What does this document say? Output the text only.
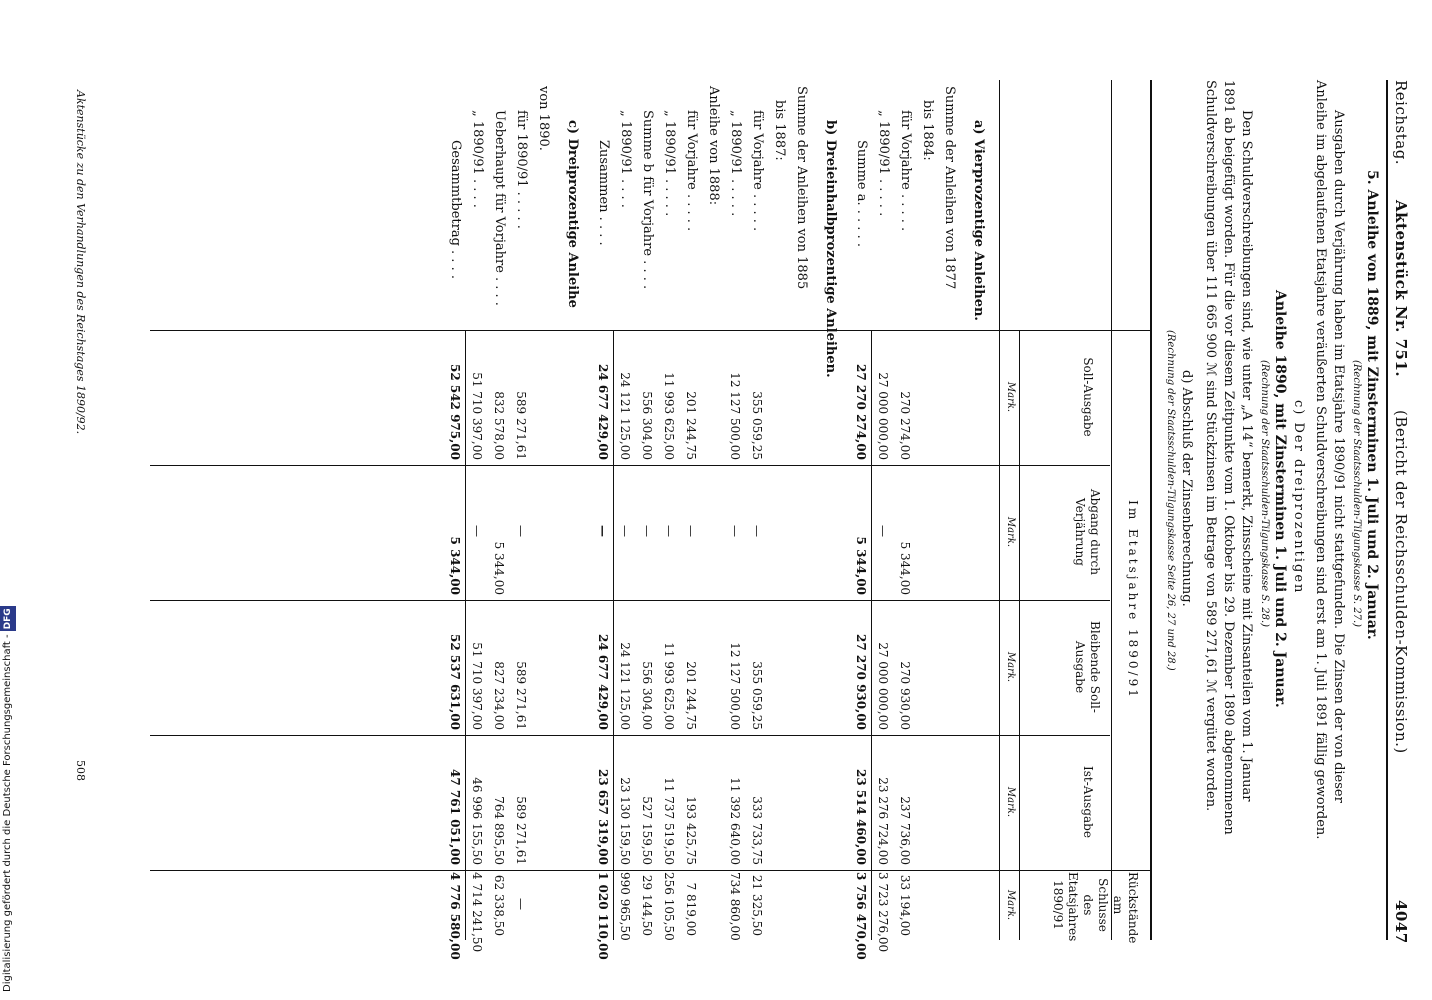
Digitalisierung gefördert durch die Deutsche Forschungsgemeinschaft -DFG
Reichstag.
Aktenstück Nr. 751.
(Bericht der Reichsschulden-Kommission.)
4047
5. Anleihe von 1889, mit Zinsterminen 1. Juli und 2. Januar.
(Rechnung der Staatsschulden-Tilgungskasse S. 27.)
Ausgaben durch Verjährung haben im Etatsjahre 1890/91 nicht stattgefunden. Die Zinsen der von dieser
Anleihe im abgelaufenen Etatsjahre veräußerten Schuldverschreibungen sind erst am 1. Juli 1891 fällig geworden.
c) Der dreiprozentigen
Anleihe 1890, mit Zinsterminen 1. Juli und 2. Januar.
(Rechnung der Staatsschulden-Tilgungskasse S. 28.)
Den Schuldverschreibungen sind, wie unter „A 14“ bemerkt, Zinsscheine mit Zinsanteilen vom 1. Januar
1891 ab beigefügt worden. Für die vor diesem Zeitpunkte vom 1. Oktober bis 29. Dezember 1890 abgenommenen
Schuldverschreibungen über 111 665 900 ℳ sind Stückzinsen im Betrage von 589 271,61 ℳ vergütet worden.
d) Abschluß der Zinsenberechnung.
(Rechnung der Staatsschulden-Tilgungskasse Seite 26, 27 und 28.)
Im Etatsjahre 1890/91
Soll-Ausgabe
Abgang durch Verjährung
Bleibende Soll-Ausgabe
Ist-Ausgabe
Rückstände am Schlusse des Etatsjahres 1890/91
Mark.
Mark.
Mark.
Mark.
Mark.
a) Vierprozentige Anleihen.
Summe der Anleihen von 1877
bis 1884:
für Vorjahre . . . . .
270 274,00
5 344,00
270 930,00
237 736,00
33 194,00
„ 1890/91 . . . . .
27 000 000,00
—
27 000 000,00
23 276 724,00
3 723 276,00
Summe a. . . . . .
27 270 274,00
5 344,00
27 270 930,00
23 514 460,00
3 756 470,00
b) Dreieinhalbprozentige Anleihen.
Summe der Anleihen von 1885
bis 1887:
für Vorjahre . . . . .
355 059,25
—
355 059,25
333 733,75
21 325,50
„ 1890/91 . . . . .
12 127 500,00
—
12 127 500,00
11 392 640,00
734 860,00
Anleihe von 1888:
für Vorjahre . . . . .
201 244,75
—
201 244,75
193 425,75
7 819,00
„ 1890/91 . . . . .
11 993 625,00
—
11 993 625,00
11 737 519,50
256 105,50
Summe b für Vorjahre . . . .
556 304,00
—
556 304,00
527 159,50
29 144,50
„ 1890/91 . . . .
24 121 125,00
—
24 121 125,00
23 130 159,50
990 965,50
Zusammen . . . .
24 677 429,00
—
24 677 429,00
23 657 319,00
1 020 110,00
c) Dreiprozentige Anleihe
von 1890.
für 1890/91 . . . . .
589 271,61
—
589 271,61
589 271,61
—
Ueberhaupt für Vorjahre . . . .
832 578,00
5 344,00
827 234,00
764 895,50
62 338,50
„ 1890/91 . . . .
51 710 397,00
—
51 710 397,00
46 996 155,50
4 714 241,50
Gesammtbetrag . . . .
52 542 975,00
5 344,00
52 537 631,00
47 761 051,00
4 776 580,00
Aktenstücke zu den Verhandlungen des Reichstages 1890/92.
508
